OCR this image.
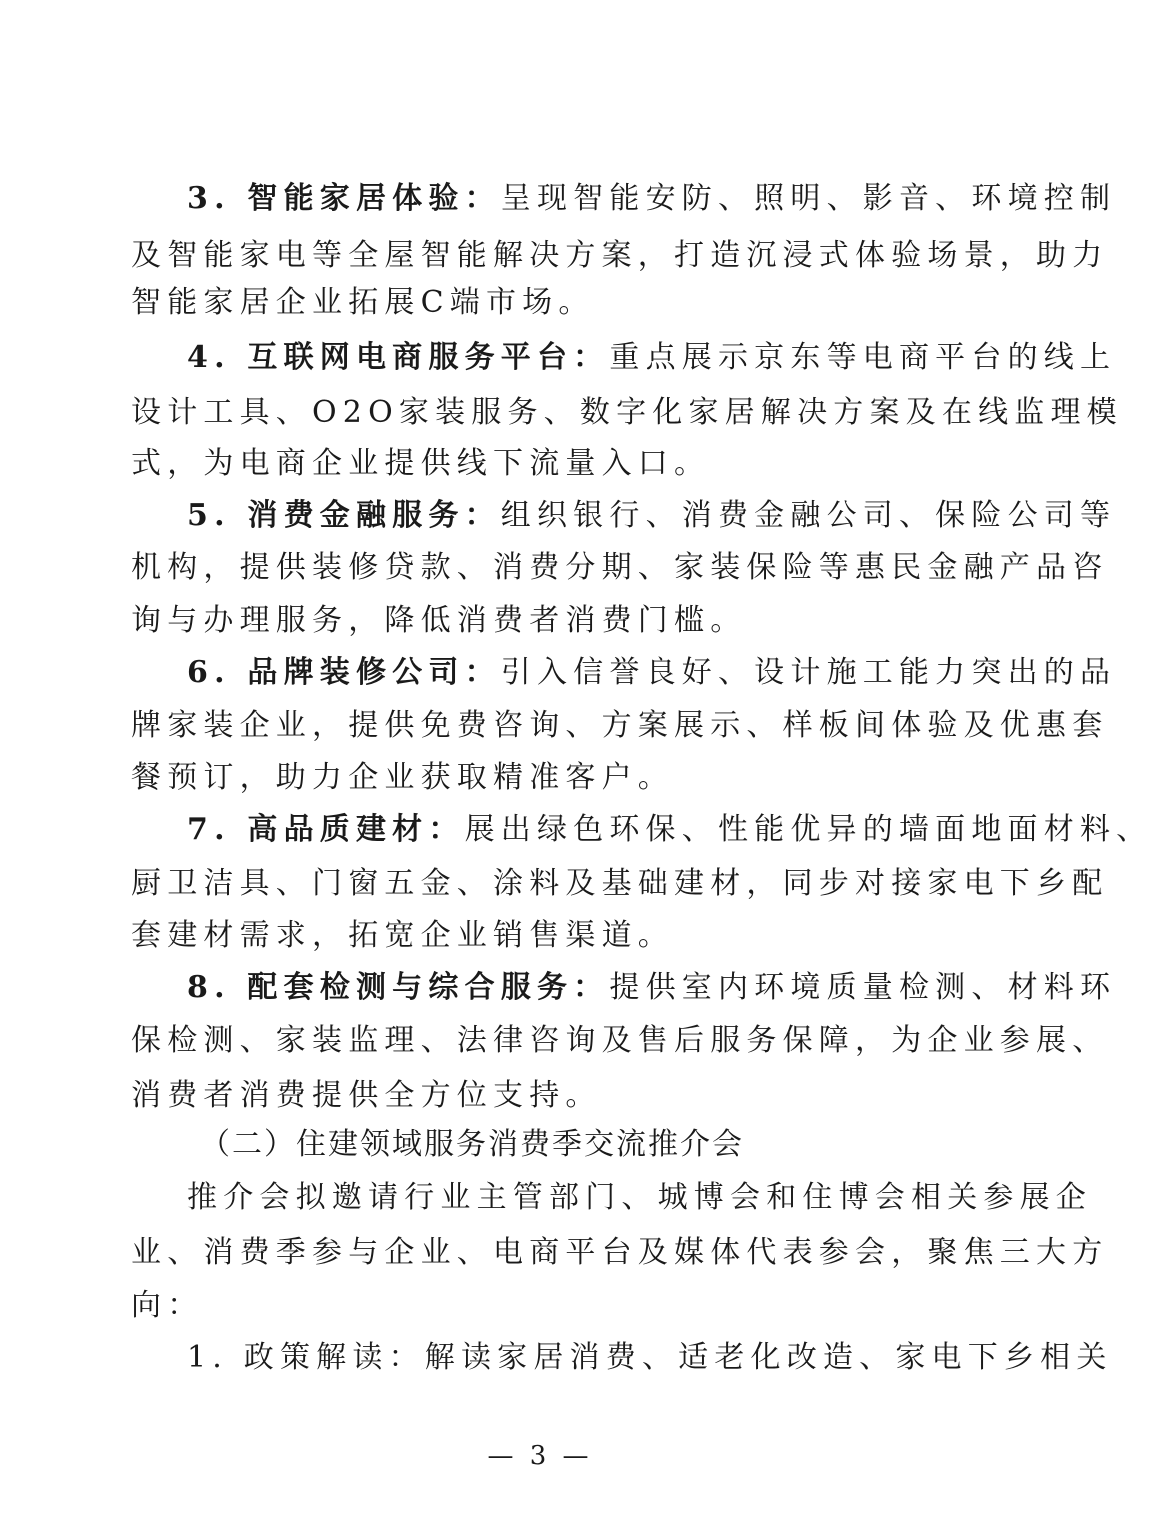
3. 智能家居体验：呈现智能安防、照明、影音、环境控制
及智能家电等全屋智能解决方案，打造沉浸式体验场景，助力
智能家居企业拓展C端市场。
4. 互联网电商服务平台：重点展示京东等电商平台的线上
设计工具、O2O家装服务、数字化家居解决方案及在线监理模
式，为电商企业提供线下流量入口。
5. 消费金融服务：组织银行、消费金融公司、保险公司等
机构，提供装修贷款、消费分期、家装保险等惠民金融产品咨
询与办理服务，降低消费者消费门槛。
6. 品牌装修公司：引入信誉良好、设计施工能力突出的品
牌家装企业，提供免费咨询、方案展示、样板间体验及优惠套
餐预订，助力企业获取精准客户。
7. 高品质建材：展出绿色环保、性能优异的墙面地面材料、
厨卫洁具、门窗五金、涂料及基础建材，同步对接家电下乡配
套建材需求，拓宽企业销售渠道。
8. 配套检测与综合服务：提供室内环境质量检测、材料环
保检测、家装监理、法律咨询及售后服务保障，为企业参展、
消费者消费提供全方位支持。
（二）住建领域服务消费季交流推介会
推介会拟邀请行业主管部门、城博会和住博会相关参展企
业、消费季参与企业、电商平台及媒体代表参会，聚焦三大方
向：
1. 政策解读：解读家居消费、适老化改造、家电下乡相关
— 3 —
